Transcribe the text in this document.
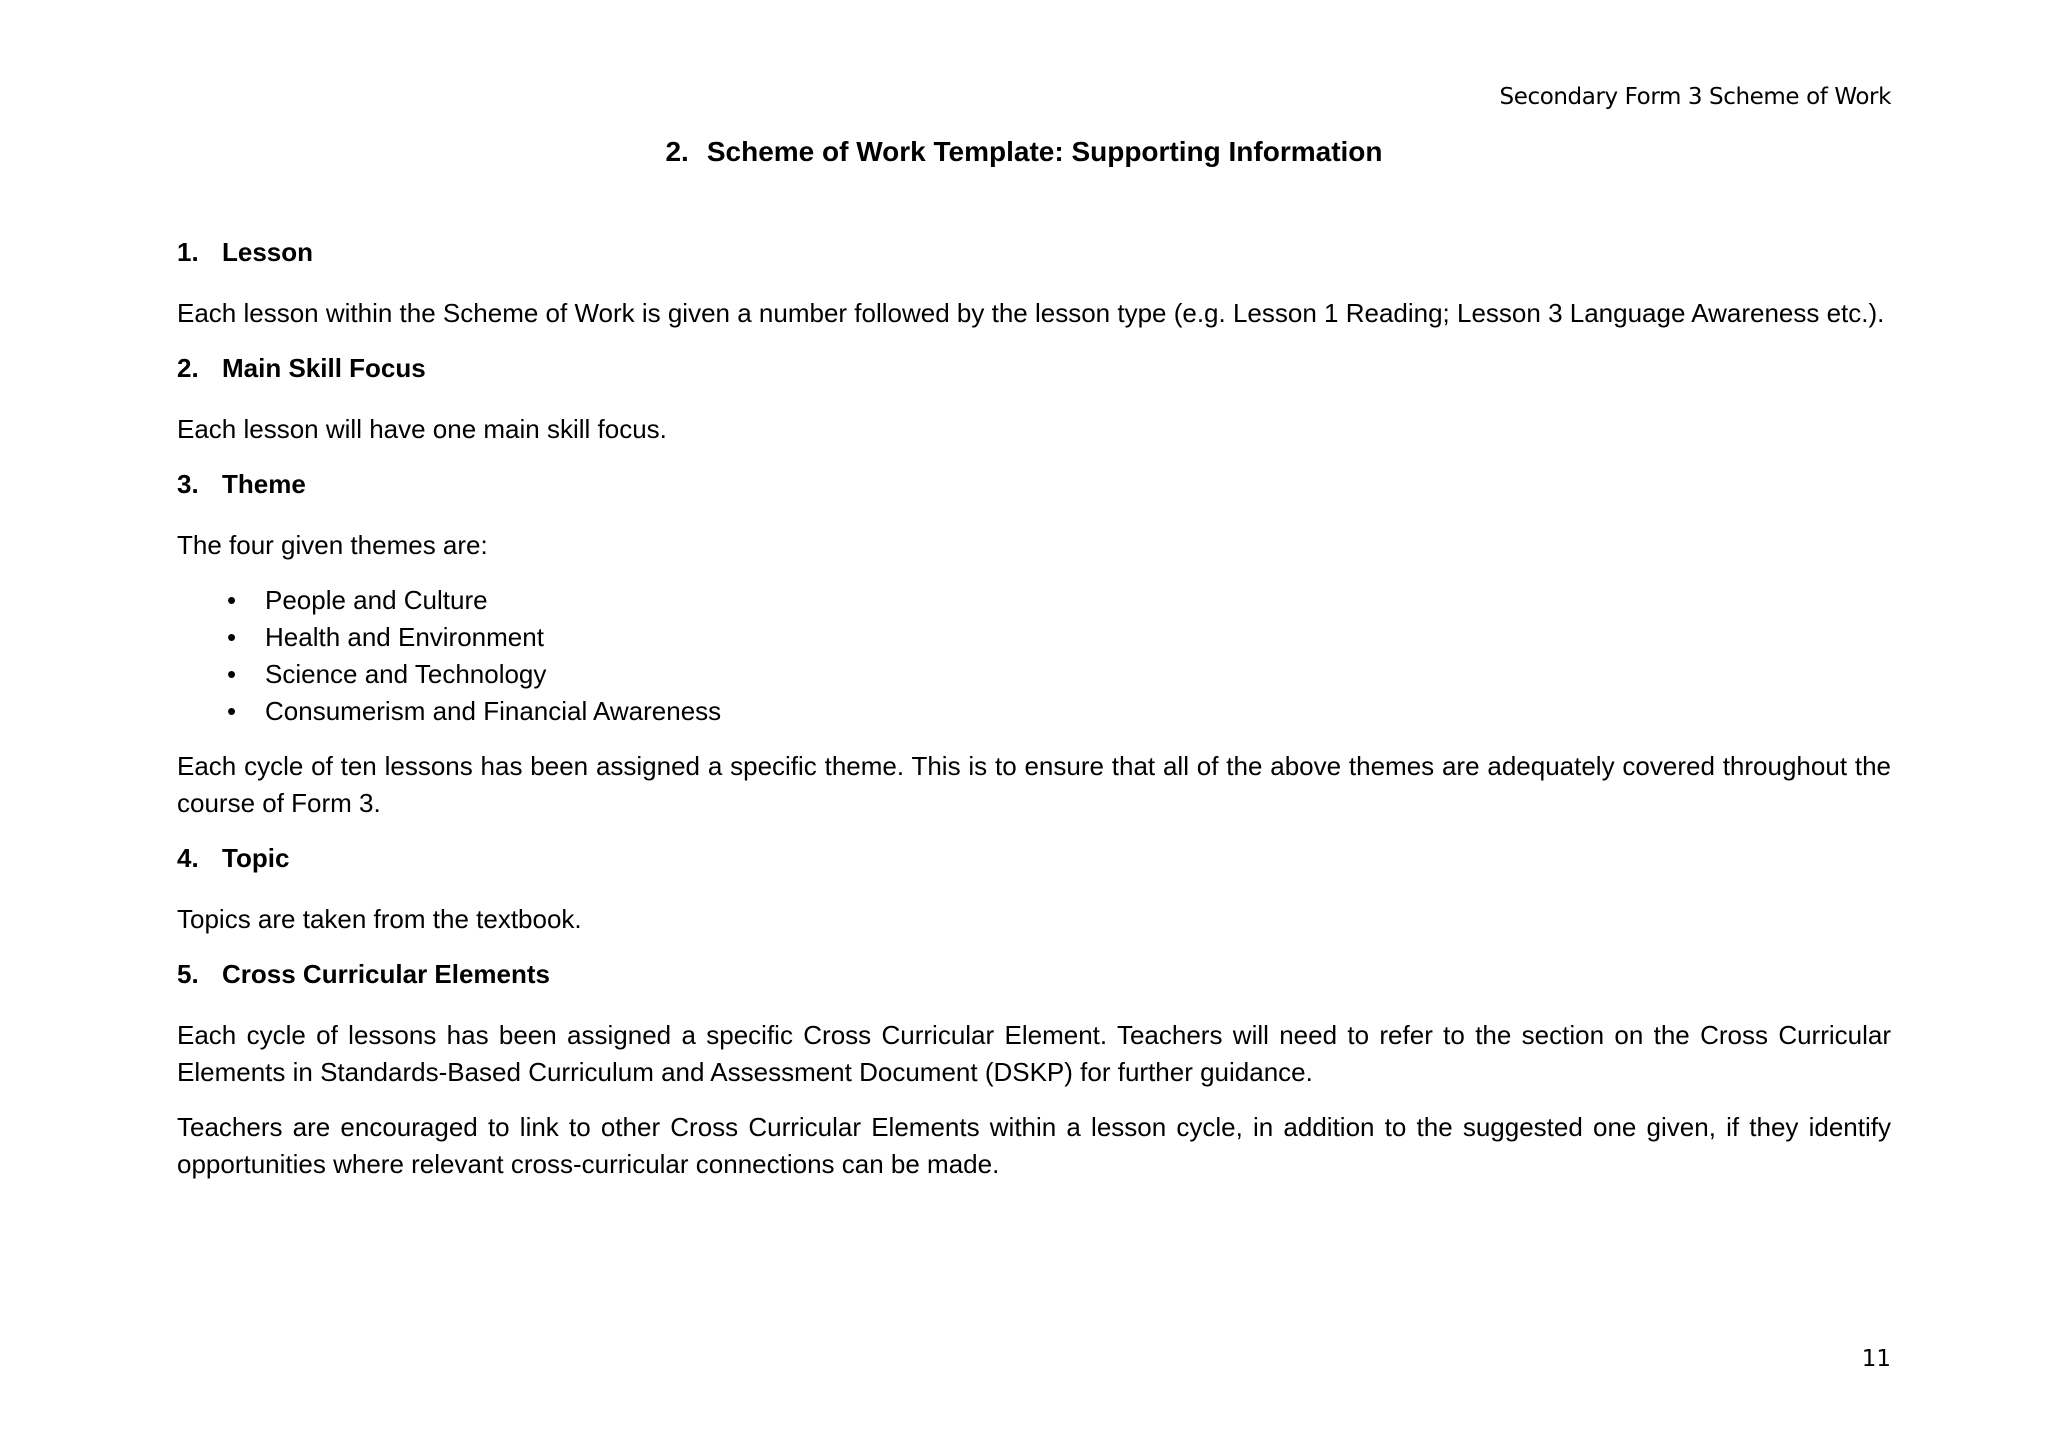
Secondary Form 3 Scheme of Work
2. Scheme of Work Template: Supporting Information
1. Lesson

Each lesson within the Scheme of Work is given a number followed by the lesson type (e.g. Lesson 1 Reading; Lesson 3 Language Awareness etc.).

2. Main Skill Focus

Each lesson will have one main skill focus.

3. Theme

The four given themes are:

• People and Culture
• Health and Environment
• Science and Technology
• Consumerism and Financial Awareness

Each cycle of ten lessons has been assigned a specific theme. This is to ensure that all of the above themes are adequately covered throughout the course of Form 3.

4. Topic

Topics are taken from the textbook.

5. Cross Curricular Elements

Each cycle of lessons has been assigned a specific Cross Curricular Element. Teachers will need to refer to the section on the Cross Curricular Elements in Standards-Based Curriculum and Assessment Document (DSKP) for further guidance.

Teachers are encouraged to link to other Cross Curricular Elements within a lesson cycle, in addition to the suggested one given, if they identify opportunities where relevant cross-curricular connections can be made.

11
